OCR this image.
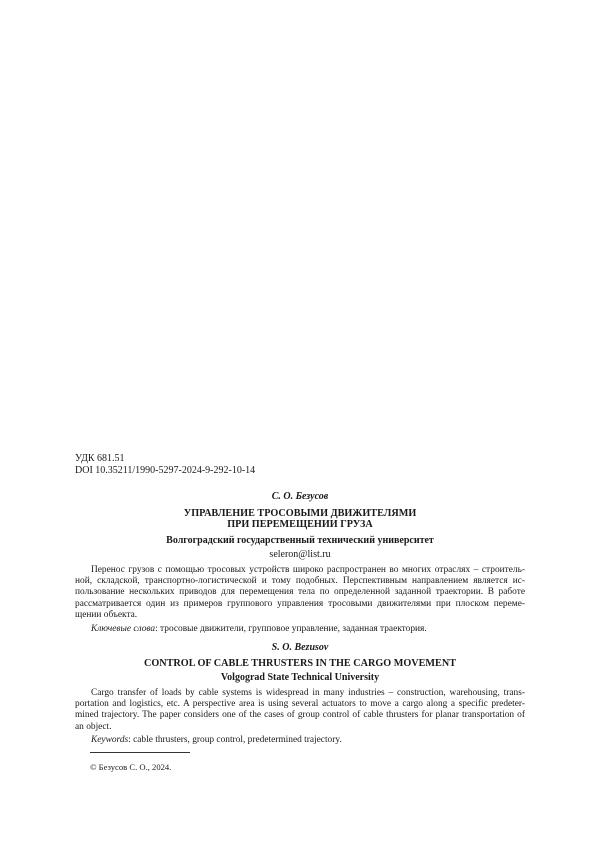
УДК 681.51
DOI 10.35211/1990-5297-2024-9-292-10-14
С. О. Безусов
УПРАВЛЕНИЕ ТРОСОВЫМИ ДВИЖИТЕЛЯМИ
ПРИ ПЕРЕМЕЩЕНИИ ГРУЗА
Волгоградский государственный технический университет
seleron@list.ru
Перенос грузов с помощью тросовых устройств широко распространен во многих отраслях – строитель-
ной, складской, транспортно-логистической и тому подобных. Перспективным направлением является ис-
пользование нескольких приводов для перемещения тела по определенной заданной траектории. В работе
рассматривается один из примеров группового управления тросовыми движителями при плоском переме-
щении объекта.
Ключевые слова: тросовые движители, групповое управление, заданная траектория.
S. O. Bezusov
CONTROL OF CABLE THRUSTERS IN THE CARGO MOVEMENT
Volgograd State Technical University
Cargo transfer of loads by cable systems is widespread in many industries – construction, warehousing, trans-
portation and logistics, etc. A perspective area is using several actuators to move a cargo along a specific predeter-
mined trajectory. The paper considers one of the cases of group control of cable thrusters for planar transportation of
an object.
Keywords: cable thrusters, group control, predetermined trajectory.
© Безусов С. О., 2024.
